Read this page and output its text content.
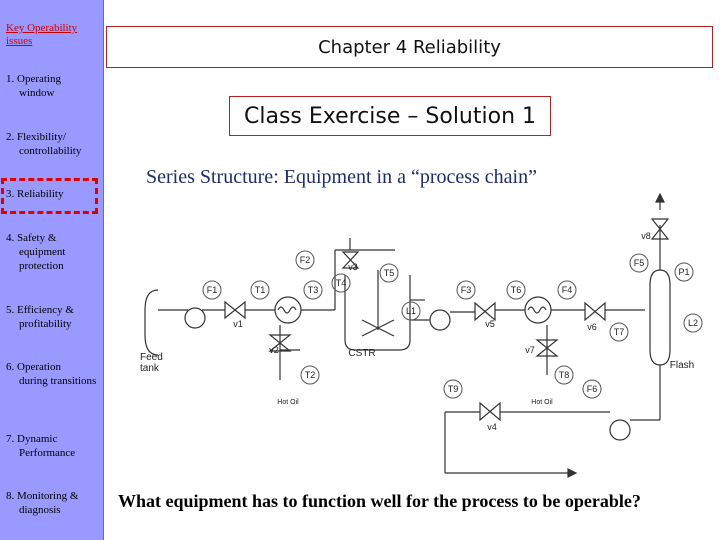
Key Operability issues
1. Operating
window
2. Flexibility/
controllability
3. Reliability
4. Safety &
equipment protection
5. Efficiency &
profitability
6. Operation
during transitions
7. Dynamic
Performance
8. Monitoring &
diagnosis
Chapter 4 Reliability
Class Exercise – Solution 1
Series Structure: Equipment in a “process chain”
F1	T1	T3
F2
T4
T5
F3	T6	F4
F5
P1
T7
L2
L1
T2	T8
T9	F6
v1
v2
v3
v4
v5	v6
v7
v8
CSTR
Flash
Hot Oil	Hot Oil
Feed tank
What equipment has to function well for the process to be operable?
